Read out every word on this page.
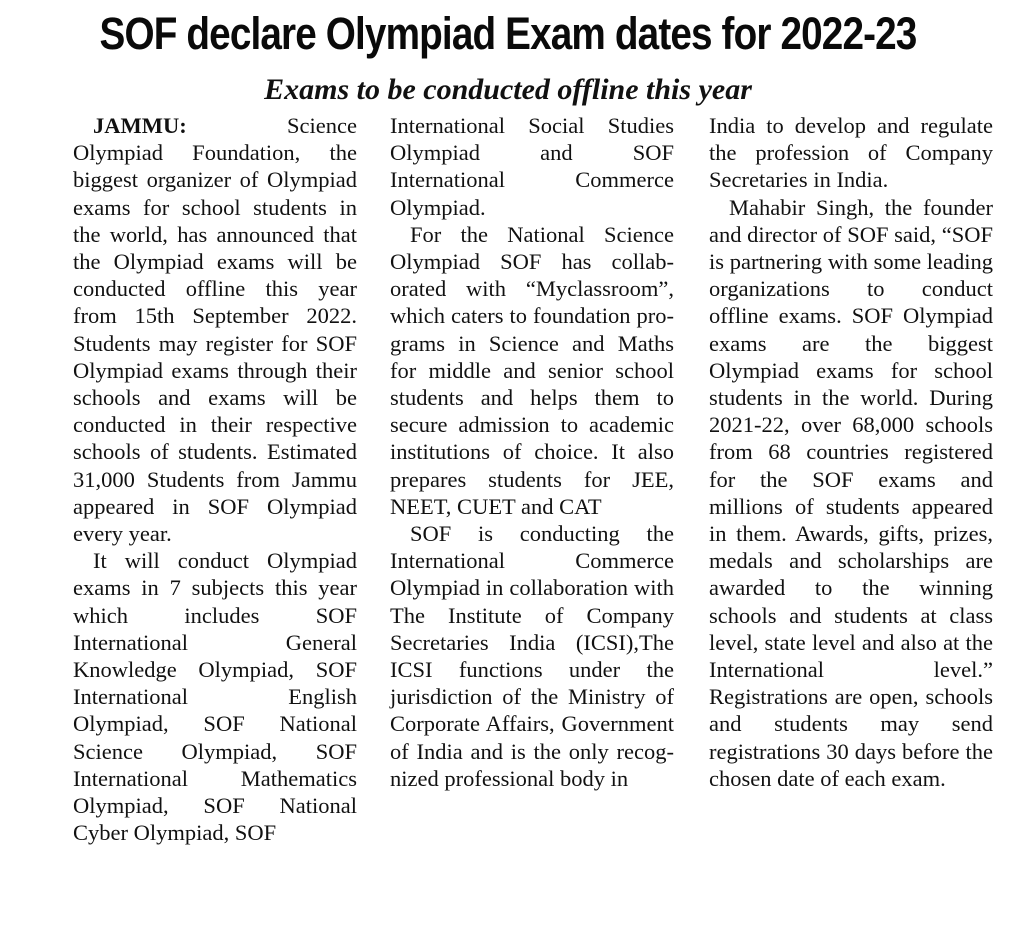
SOF declare Olympiad Exam dates for 2022-23
Exams to be conducted offline this year

JAMMU:	Science Olympiad Foundation, the biggest organizer of Olympiad exams for school students in the world, has announced that the Olympiad exams will be conducted offline this year from 15th September 2022. Students may register for SOF Olympiad exams through their schools and exams will be conducted in their respective schools of students. Estimated 31,000 Students from Jammu appeared in SOF Olympiad every year.

It will conduct Olympiad exams in 7 subjects this year which includes SOF International General Knowledge Olympiad, SOF International English Olympiad, SOF National Science Olympiad, SOF International Mathematics Olympiad, SOF National Cyber Olympiad, SOF

International Social Studies Olympiad and SOF International Commerce Olympiad.

For the National Science Olympiad SOF has collaborated with “Myclassroom”, which caters to foundation programs in Science and Maths for middle and senior school students and helps them to secure admission to academic institutions of choice. It also prepares students for JEE, NEET, CUET and CAT

SOF is conducting the International Commerce Olympiad in collaboration with The Institute of Company Secretaries India (ICSI),The ICSI functions under the jurisdiction of the Ministry of Corporate Affairs, Government of India and is the only recognized professional body in

India to develop and regulate the profession of Company Secretaries in India.

Mahabir Singh, the founder and director of SOF said, “SOF is partnering with some leading organizations to conduct offline exams. SOF Olympiad exams are the biggest Olympiad exams for school students in the world. During 2021-22, over 68,000 schools from 68 countries registered for the SOF exams and millions of students appeared in them. Awards, gifts, prizes, medals and scholarships are awarded to the winning schools and students at class level, state level and also at the International level.” Registrations are open, schools and students may send registrations 30 days before the chosen date of each exam.
